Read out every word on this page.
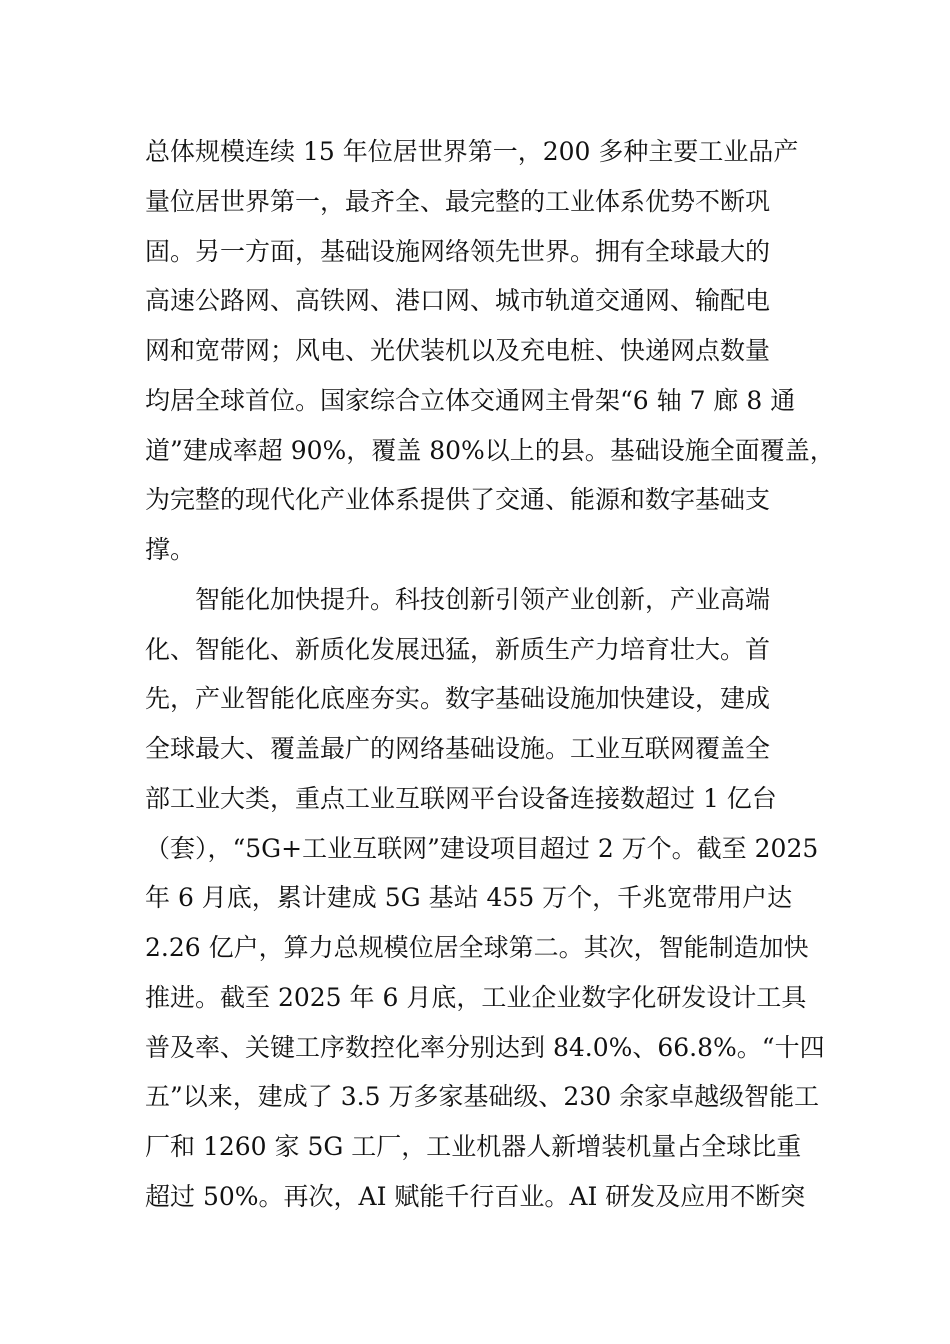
总体规模连续 15 年位居世界第一，200 多种主要工业品产
量位居世界第一，最齐全、最完整的工业体系优势不断巩
固。另一方面，基础设施网络领先世界。拥有全球最大的
高速公路网、高铁网、港口网、城市轨道交通网、输配电
网和宽带网；风电、光伏装机以及充电桩、快递网点数量
均居全球首位。国家综合立体交通网主骨架“6 轴 7 廊 8 通
道”建成率超 90%，覆盖 80%以上的县。基础设施全面覆盖，
为完整的现代化产业体系提供了交通、能源和数字基础支
撑。
智能化加快提升。科技创新引领产业创新，产业高端
化、智能化、新质化发展迅猛，新质生产力培育壮大。首
先，产业智能化底座夯实。数字基础设施加快建设，建成
全球最大、覆盖最广的网络基础设施。工业互联网覆盖全
部工业大类，重点工业互联网平台设备连接数超过 1 亿台
（套），“5G+工业互联网”建设项目超过 2 万个。截至 2025
年 6 月底，累计建成 5G 基站 455 万个，千兆宽带用户达
2.26 亿户，算力总规模位居全球第二。其次，智能制造加快
推进。截至 2025 年 6 月底，工业企业数字化研发设计工具
普及率、关键工序数控化率分别达到 84.0%、66.8%。“十四
五”以来，建成了 3.5 万多家基础级、230 余家卓越级智能工
厂和 1260 家 5G 工厂，工业机器人新增装机量占全球比重
超过 50%。再次，AI 赋能千行百业。AI 研发及应用不断突
